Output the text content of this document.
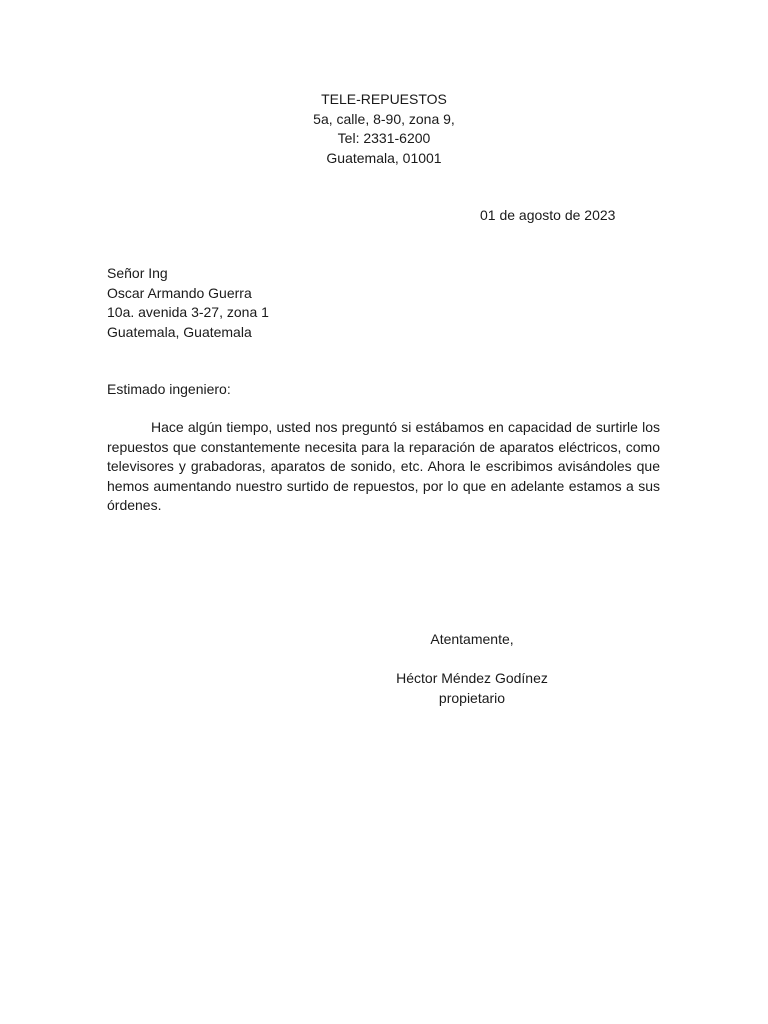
TELE-REPUESTOS
5a, calle, 8-90, zona 9,
Tel: 2331-6200
Guatemala, 01001
01 de agosto de 2023
Señor Ing
Oscar Armando Guerra
10a. avenida 3-27, zona 1
Guatemala, Guatemala
Estimado ingeniero:

Hace algún tiempo, usted nos preguntó si estábamos en capacidad de surtirle los repuestos que constantemente necesita para la reparación de aparatos eléctricos, como televisores y grabadoras, aparatos de sonido, etc. Ahora le escribimos avisándoles que hemos aumentando nuestro surtido de repuestos, por lo que en adelante estamos a sus órdenes.

Atentamente,
Héctor Méndez Godínez
propietario
